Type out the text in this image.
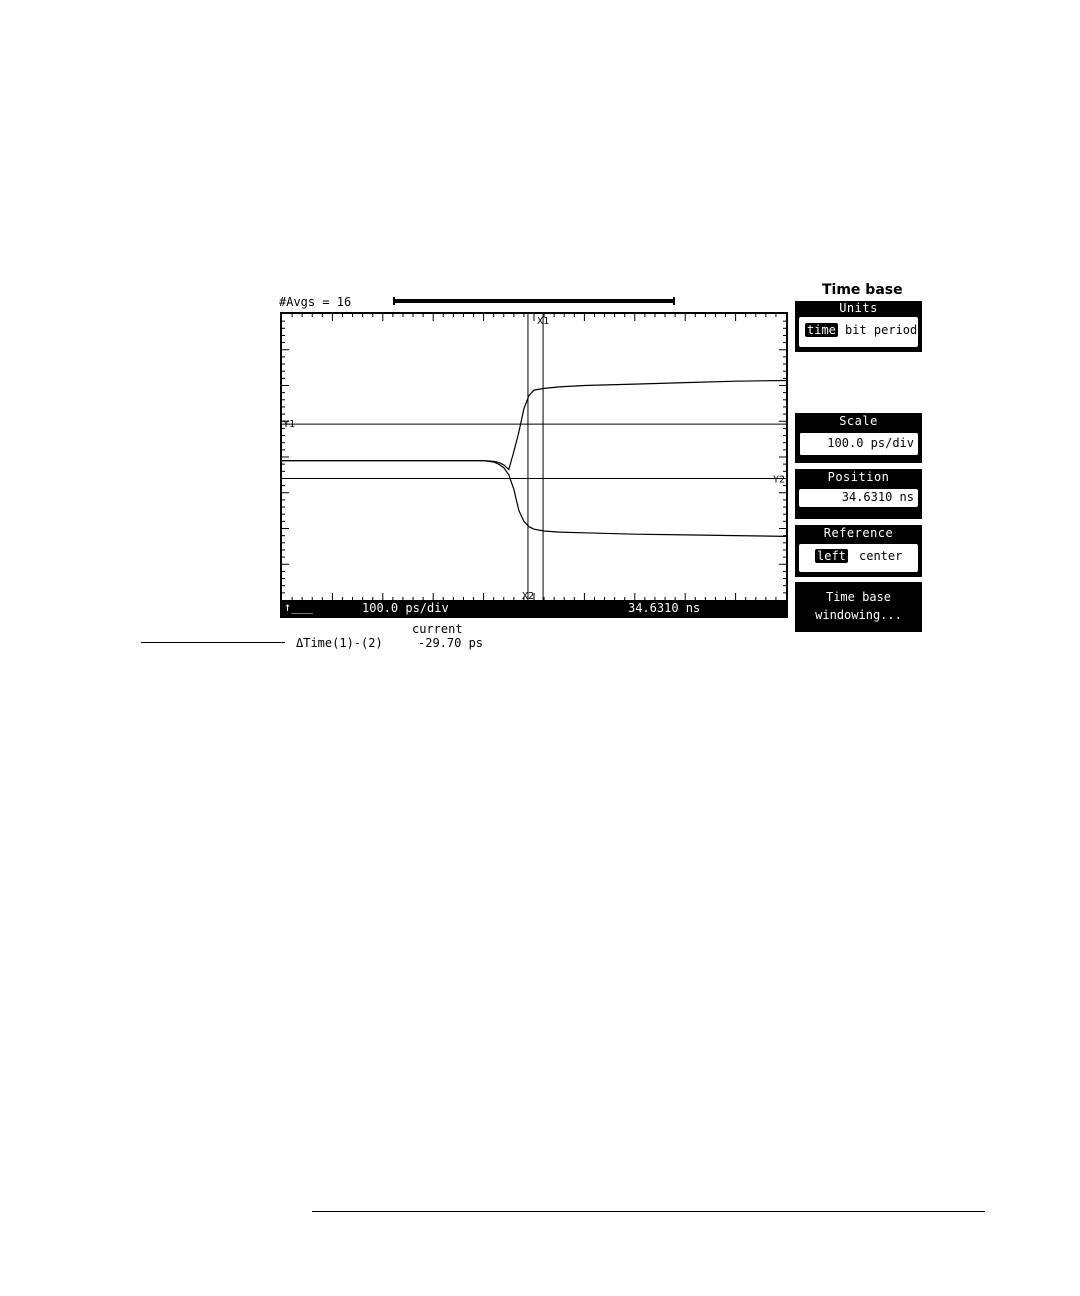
#Avgs = 16
X1
X2
Y1
Y2
↑___	100.0 ps/div	34.6310 ns
current
ΔTime(1)-(2)	-29.70 ps
Time base
Units
time bit period
Scale
100.0 ps/div
Position
34.6310 ns
Reference
left center
Time base
windowing...
